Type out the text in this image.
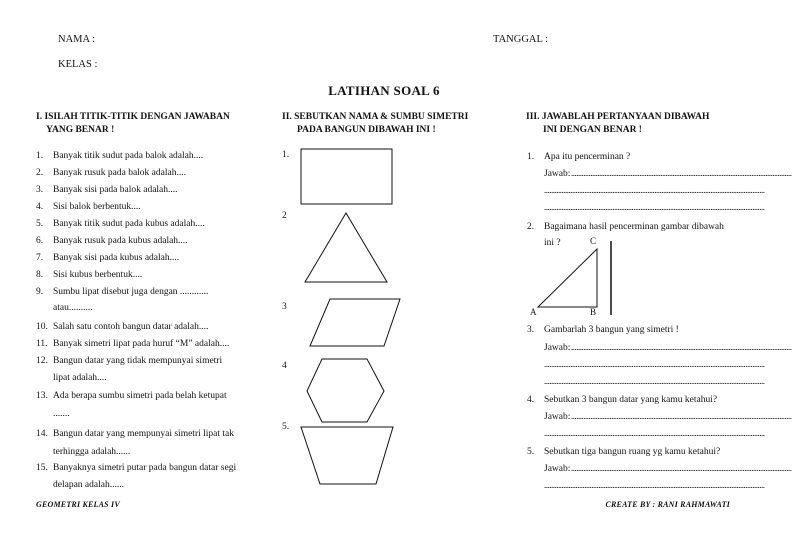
NAMA :
KELAS :
TANGGAL :
LATIHAN SOAL 6
I. ISILAH TITIK-TITIK DENGAN JAWABAN
YANG BENAR !
1.	Banyak titik sudut pada balok adalah....
2.	Banyak rusuk pada balok adalah....
3.	Banyak sisi pada balok adalah....
4.	Sisi balok berbentuk....
5.	Banyak titik sudut pada kubus adalah....
6.	Banyak rusuk pada kubus adalah....
7.	Banyak sisi pada kubus adalah....
8.	Sisi kubus berbentuk....
9.	Sumbu lipat disebut juga dengan ............
atau..........
10. Salah satu contoh bangun datar adalah....
11. Banyak simetri lipat pada huruf “M” adalah....
12. Bangun datar yang tidak mempunyai simetri
lipat adalah....
13. Ada berapa sumbu simetri pada belah ketupat
.......
14. Bangun datar yang mempunyai simetri lipat tak
terhingga adalah......
15. Banyaknya simetri putar pada bangun datar segi
delapan adalah......
II. SEBUTKAN NAMA & SUMBU SIMETRI
PADA BANGUN DIBAWAH INI !
1.
2
3
4
5.
III. JAWABLAH PERTANYAAN DIBAWAH
INI DENGAN BENAR !
1.	Apa itu pencerminan ?
Jawab:
2.	Bagaimana hasil pencerminan gambar dibawah
ini ?
3.	Gambarlah 3 bangun yang simetri !
Jawab:
4.	Sebutkan 3 bangun datar yang kamu ketahui?
Jawab:
5.	Sebutkan tiga bangun ruang yg kamu ketahui?
Jawab:
..............................................................................................................................
..............................................................................................................................
..............................................................................................................................
..............................................................................................................................
..............................................................................................................................
..............................................................................................................................
..............................................................................................................................
..............................................................................................................................
..............................................................................................................................
..............................................................................................................................
A	B
C
GEOMETRI KELAS IV	CREATE BY : RANI RAHMAWATI
